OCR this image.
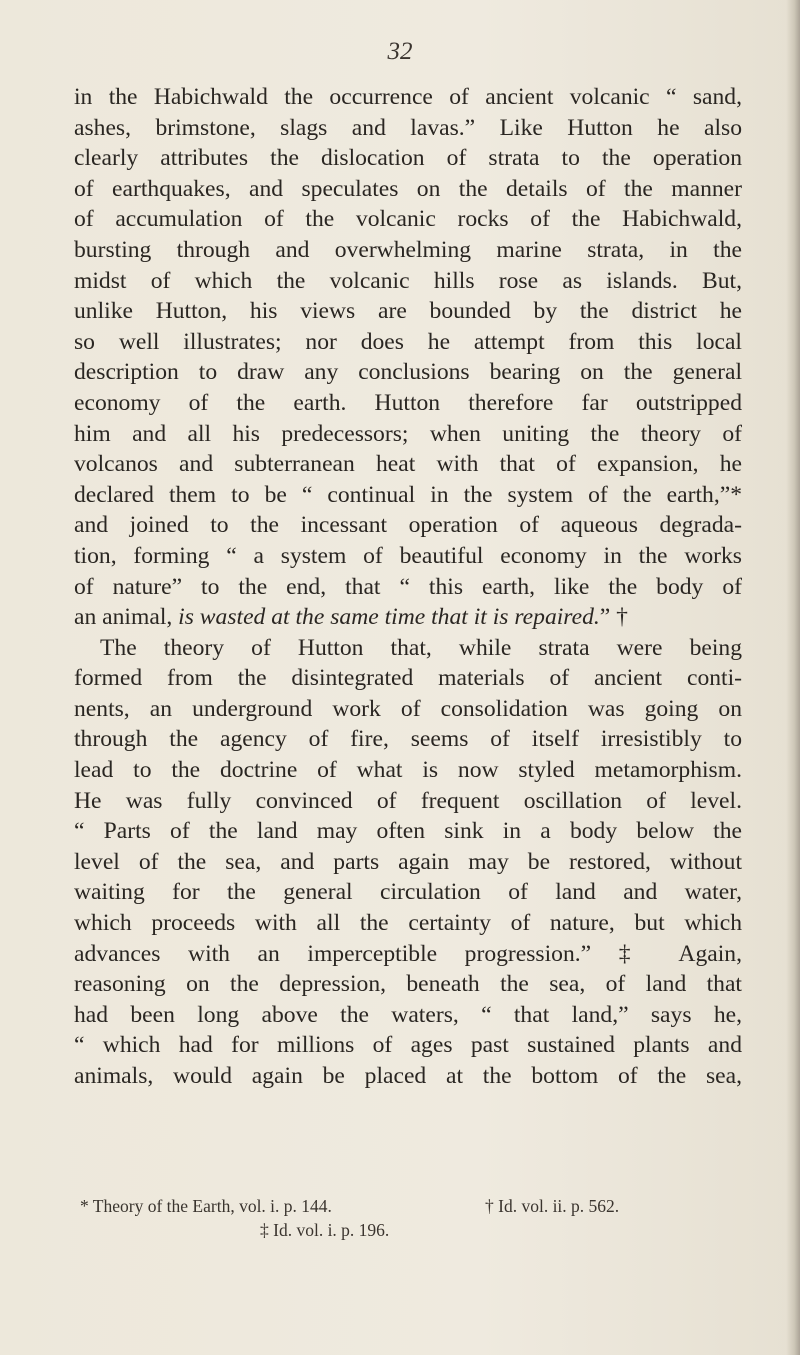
32
in the Habichwald the occurrence of ancient volcanic “ sand,
ashes, brimstone, slags and lavas.” Like Hutton he also
clearly attributes the dislocation of strata to the operation
of earthquakes, and speculates on the details of the manner
of accumulation of the volcanic rocks of the Habichwald,
bursting through and overwhelming marine strata, in the
midst of which the volcanic hills rose as islands. But,
unlike Hutton, his views are bounded by the district he
so well illustrates; nor does he attempt from this local
description to draw any conclusions bearing on the general
economy of the earth. Hutton therefore far outstripped
him and all his predecessors; when uniting the theory of
volcanos and subterranean heat with that of expansion, he
declared them to be “ continual in the system of the earth,”*
and joined to the incessant operation of aqueous degrada-
tion, forming “ a system of beautiful economy in the works
of nature” to the end, that “ this earth, like the body of
an animal, is wasted at the same time that it is repaired.” †
The theory of Hutton that, while strata were being
formed from the disintegrated materials of ancient conti-
nents, an underground work of consolidation was going on
through the agency of fire, seems of itself irresistibly to
lead to the doctrine of what is now styled metamorphism.
He was fully convinced of frequent oscillation of level.
“ Parts of the land may often sink in a body below the
level of the sea, and parts again may be restored, without
waiting for the general circulation of land and water,
which proceeds with all the certainty of nature, but which
advances with an imperceptible progression.” ‡ Again,
reasoning on the depression, beneath the sea, of land that
had been long above the waters, “ that land,” says he,
“ which had for millions of ages past sustained plants and
animals, would again be placed at the bottom of the sea,
* Theory of the Earth, vol. i. p. 144.	† Id. vol. ii. p. 562.
‡ Id. vol. i. p. 196.
